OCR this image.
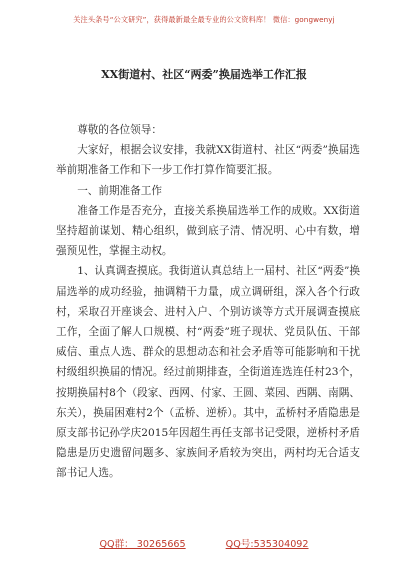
关注头条号“公文研究”，获得最新最全最专业的公文资料库！ 微信：gongwenyj
XX街道村、社区“两委”换届选举工作汇报

尊敬的各位领导：

大家好，根据会议安排，我就XX街道村、社区“两委”换届选举前期准备工作和下一步工作打算作简要汇报。

一、前期准备工作

准备工作是否充分，直接关系换届选举工作的成败。XX街道坚持超前谋划、精心组织，做到底子清、情况明、心中有数，增强预见性，掌握主动权。

1、认真调查摸底。我街道认真总结上一届村、社区“两委”换届选举的成功经验，抽调精干力量，成立调研组，深入各个行政村，采取召开座谈会、进村入户、个别访谈等方式开展调查摸底工作，全面了解人口规模、村“两委”班子现状、党员队伍、干部威信、重点人选、群众的思想动态和社会矛盾等可能影响和干扰村级组织换届的情况。经过前期排查，全街道连选连任村23个，按期换届村8个（段家、西网、付家、王圆、菜园、西隅、南隅、东关），换届困难村2个（孟桥、逆桥）。其中，孟桥村矛盾隐患是原支部书记孙学庆2015年因超生再任支部书记受限，逆桥村矛盾隐患是历史遗留问题多、家族间矛盾较为突出，两村均无合适支部书记人选。

QQ群： 30265665	QQ号:535304092
